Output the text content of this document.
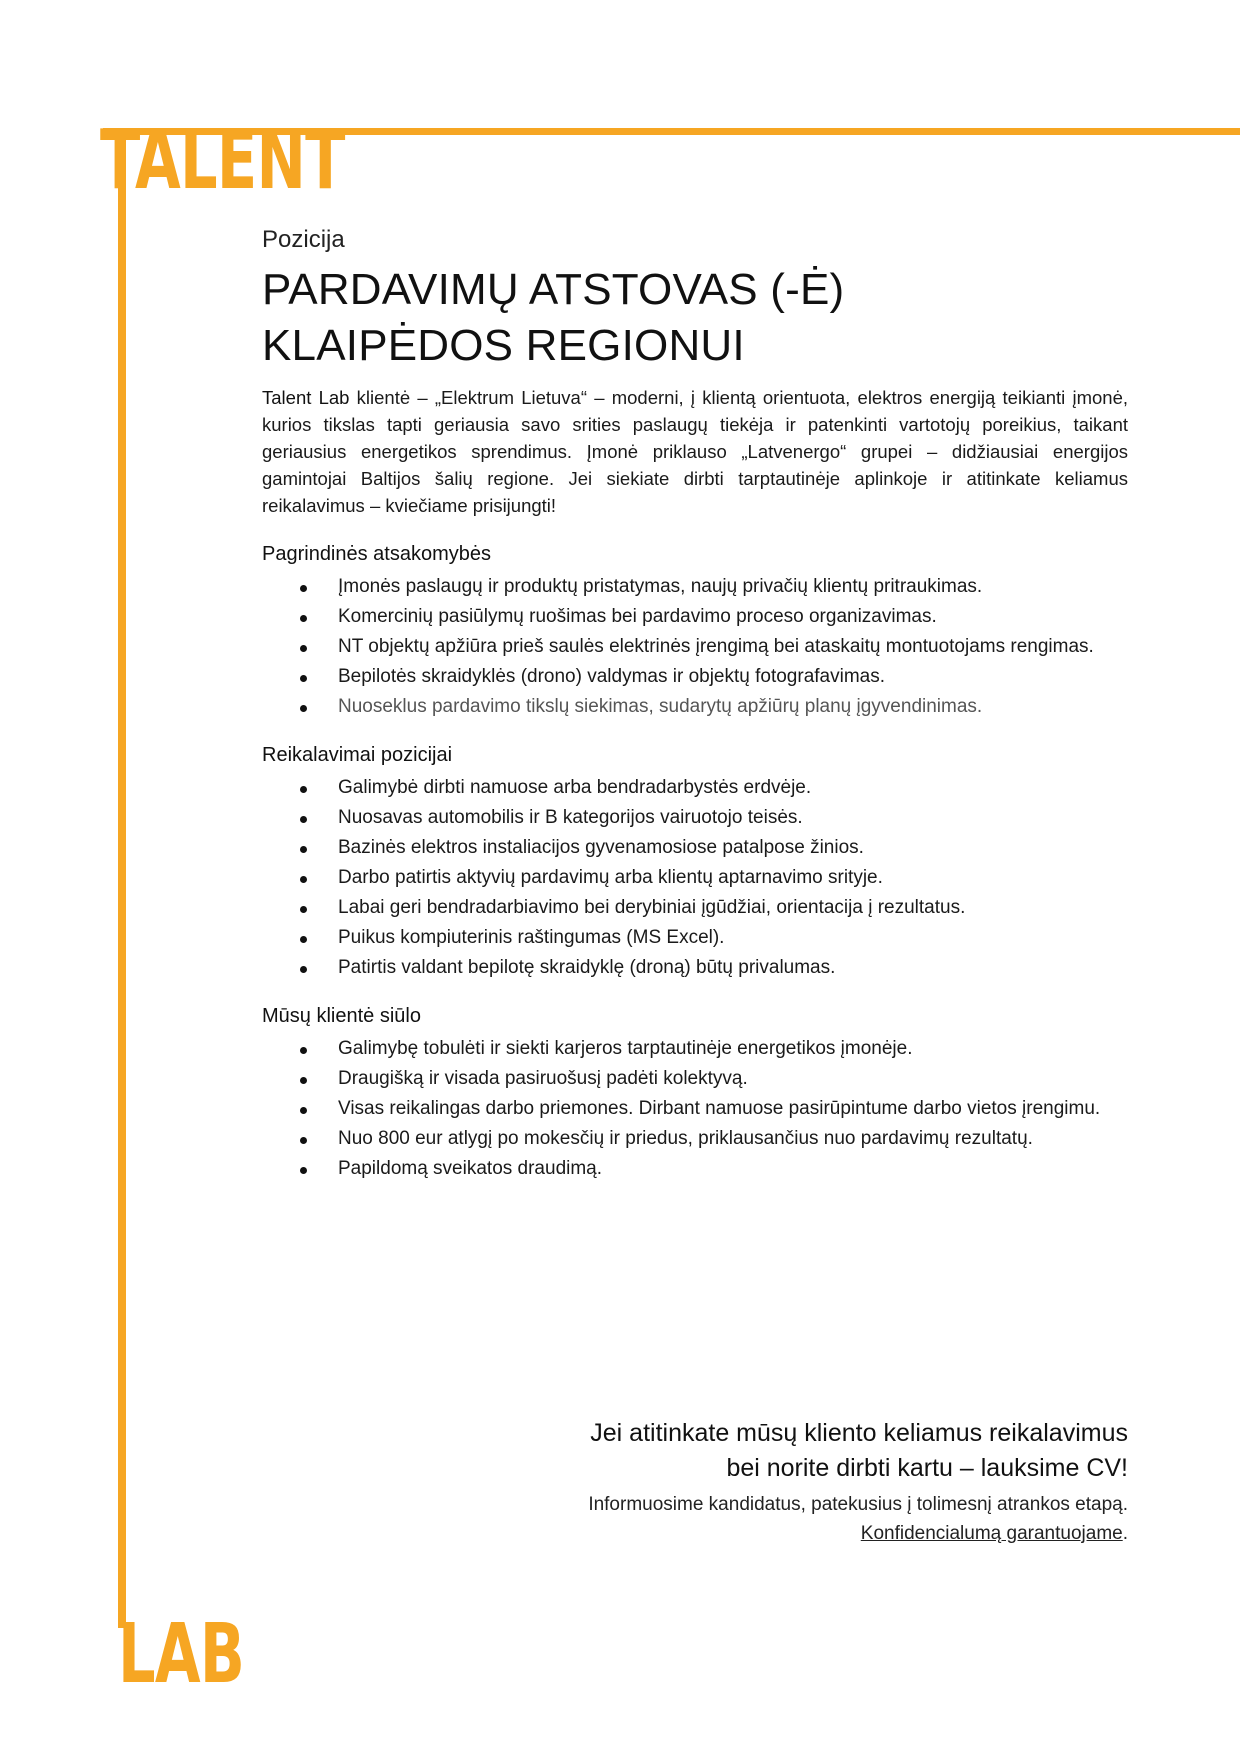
TALENT
LAB

Pozicija

PARDAVIMŲ ATSTOVAS (-Ė)
KLAIPĖDOS REGIONUI

Talent Lab klientė – „Elektrum Lietuva“ – moderni, į klientą orientuota, elektros energiją teikianti įmonė, kurios tikslas tapti geriausia savo srities paslaugų tiekėja ir patenkinti vartotojų poreikius, taikant geriausius energetikos sprendimus. Įmonė priklauso „Latvenergo“ grupei – didžiausiai energijos gamintojai Baltijos šalių regione. Jei siekiate dirbti tarptautinėje aplinkoje ir atitinkate keliamus reikalavimus – kviečiame prisijungti!

Pagrindinės atsakomybės
Įmonės paslaugų ir produktų pristatymas, naujų privačių klientų pritraukimas.
Komercinių pasiūlymų ruošimas bei pardavimo proceso organizavimas.
NT objektų apžiūra prieš saulės elektrinės įrengimą bei ataskaitų montuotojams rengimas.
Bepilotės skraidyklės (drono) valdymas ir objektų fotografavimas.
Nuoseklus pardavimo tikslų siekimas, sudarytų apžiūrų planų įgyvendinimas.
Reikalavimai pozicijai
Galimybė dirbti namuose arba bendradarbystės erdvėje.
Nuosavas automobilis ir B kategorijos vairuotojo teisės.
Bazinės elektros instaliacijos gyvenamosiose patalpose žinios.
Darbo patirtis aktyvių pardavimų arba klientų aptarnavimo srityje.
Labai geri bendradarbiavimo bei derybiniai įgūdžiai, orientacija į rezultatus.
Puikus kompiuterinis raštingumas (MS Excel).
Patirtis valdant bepilotę skraidyklę (droną) būtų privalumas.
Mūsų klientė siūlo
Galimybę tobulėti ir siekti karjeros tarptautinėje energetikos įmonėje.
Draugišką ir visada pasiruošusį padėti kolektyvą.
Visas reikalingas darbo priemones. Dirbant namuose pasirūpintume darbo vietos įrengimu.
Nuo 800 eur atlygį po mokesčių ir priedus, priklausančius nuo pardavimų rezultatų.
Papildomą sveikatos draudimą.

Jei atitinkate mūsų kliento keliamus reikalavimus

bei norite dirbti kartu – lauksime CV!

Informuosime kandidatus, patekusius į tolimesnį atrankos etapą.

Konfidencialumą garantuojame.
